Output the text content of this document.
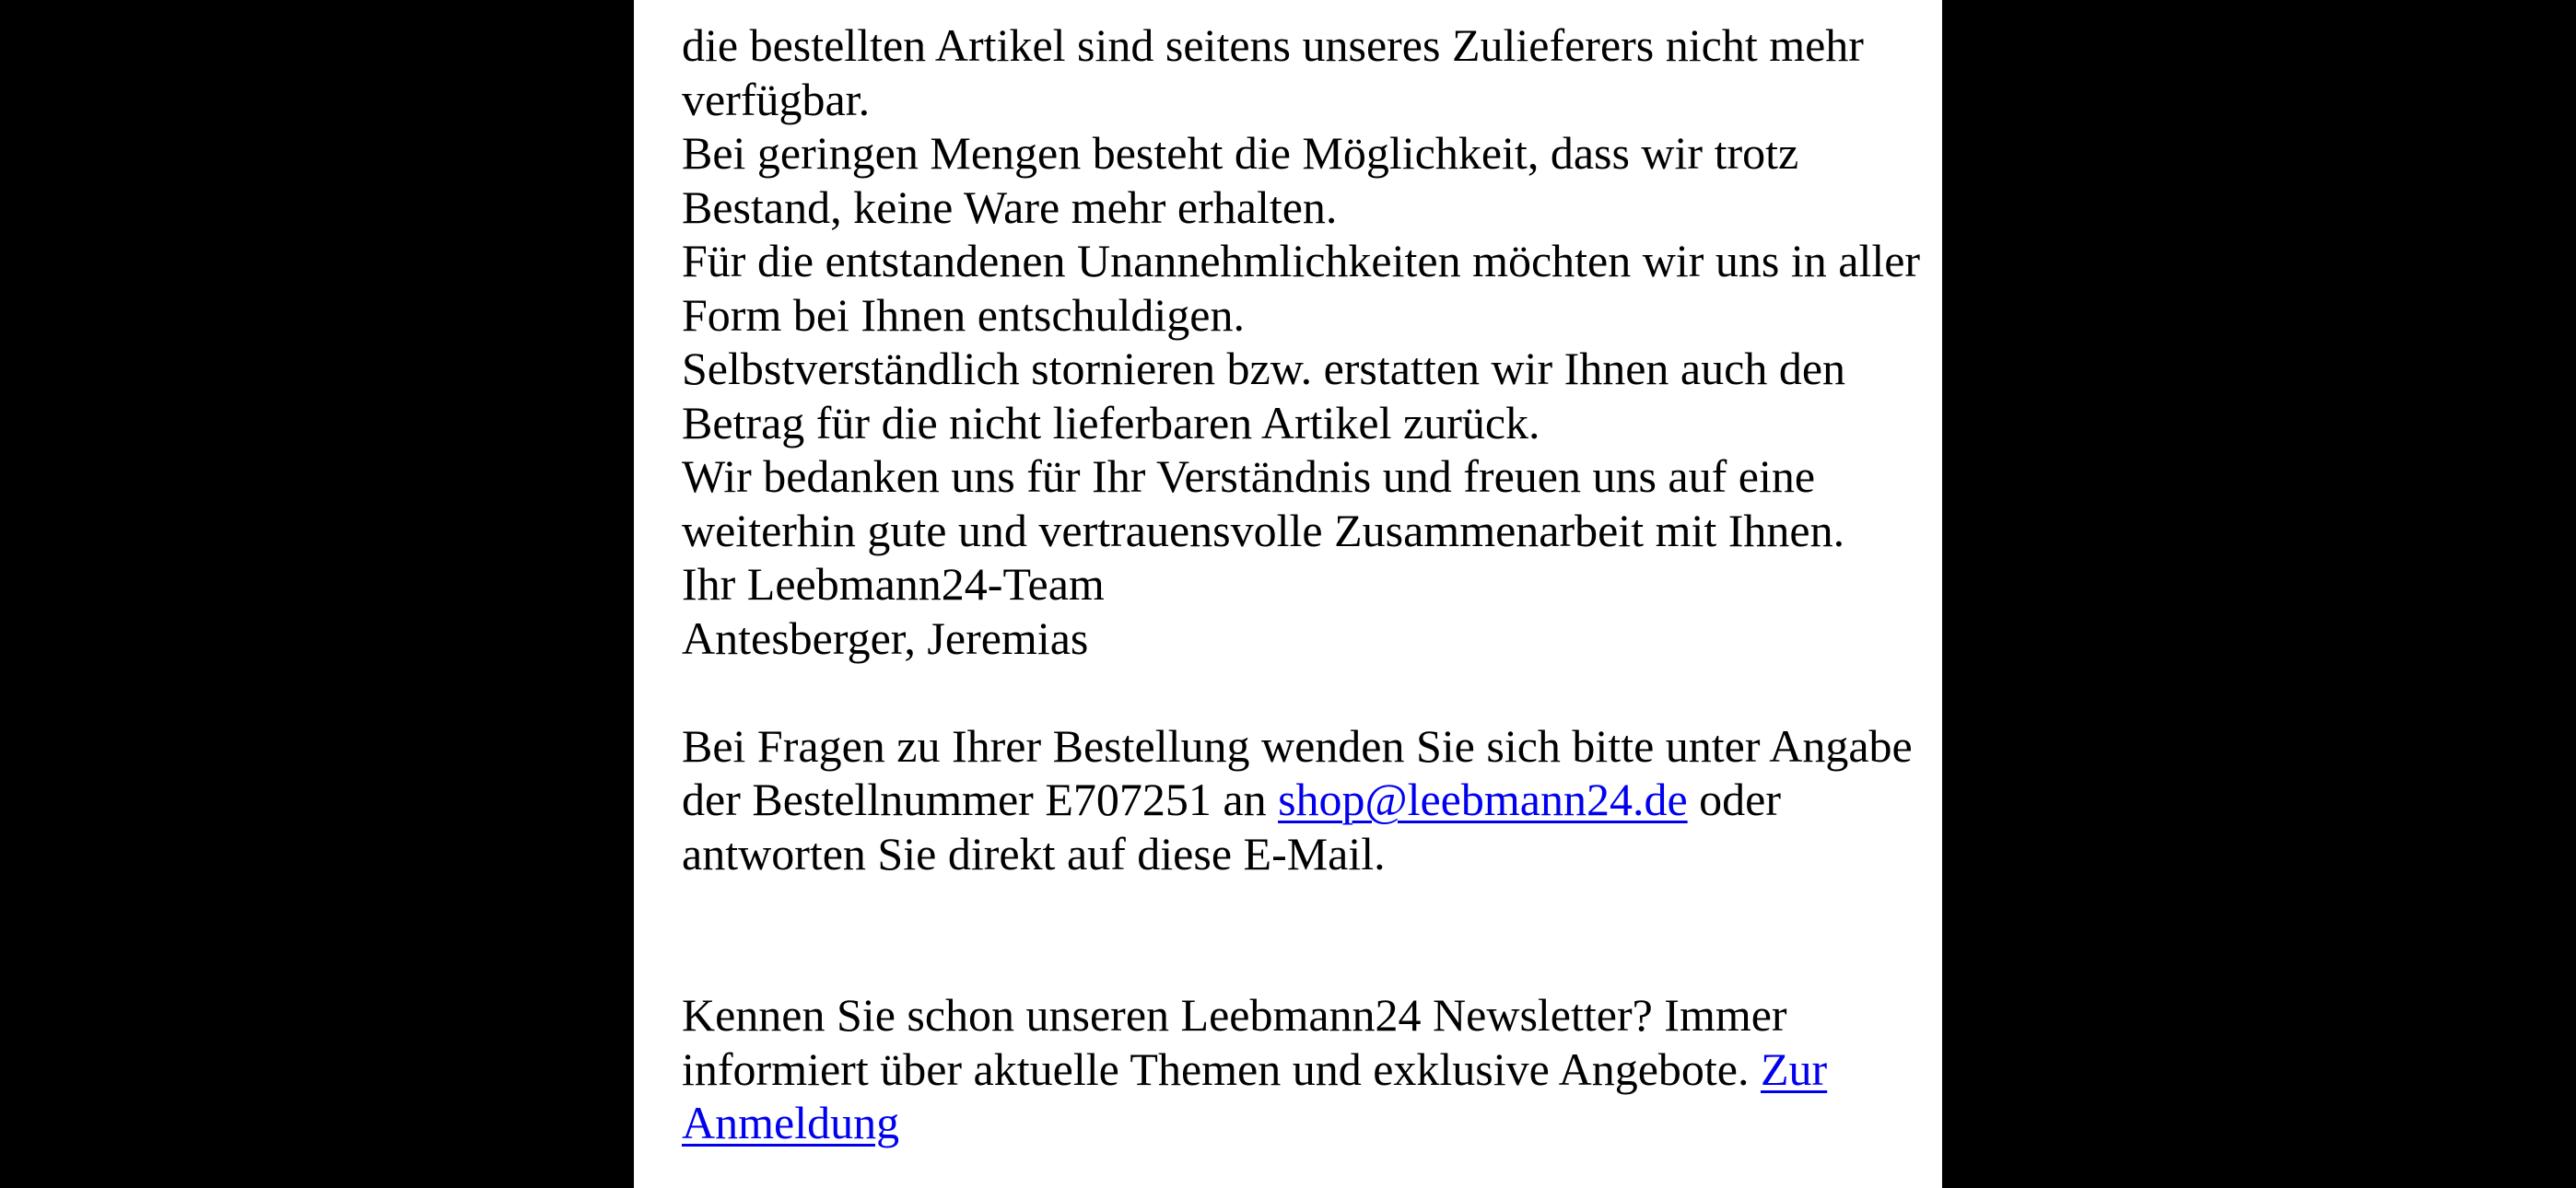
die bestellten Artikel sind seitens unseres Zulieferers nicht mehr
verfügbar.
Bei geringen Mengen besteht die Möglichkeit, dass wir trotz
Bestand, keine Ware mehr erhalten.
Für die entstandenen Unannehmlichkeiten möchten wir uns in aller
Form bei Ihnen entschuldigen.
Selbstverständlich stornieren bzw. erstatten wir Ihnen auch den
Betrag für die nicht lieferbaren Artikel zurück.
Wir bedanken uns für Ihr Verständnis und freuen uns auf eine
weiterhin gute und vertrauensvolle Zusammenarbeit mit Ihnen.
Ihr Leebmann24-Team
Antesberger, Jeremias
Bei Fragen zu Ihrer Bestellung wenden Sie sich bitte unter Angabe
der Bestellnummer E707251 an shop@leebmann24.de oder
antworten Sie direkt auf diese E-Mail.
Kennen Sie schon unseren Leebmann24 Newsletter? Immer
informiert über aktuelle Themen und exklusive Angebote. Zur
Anmeldung
